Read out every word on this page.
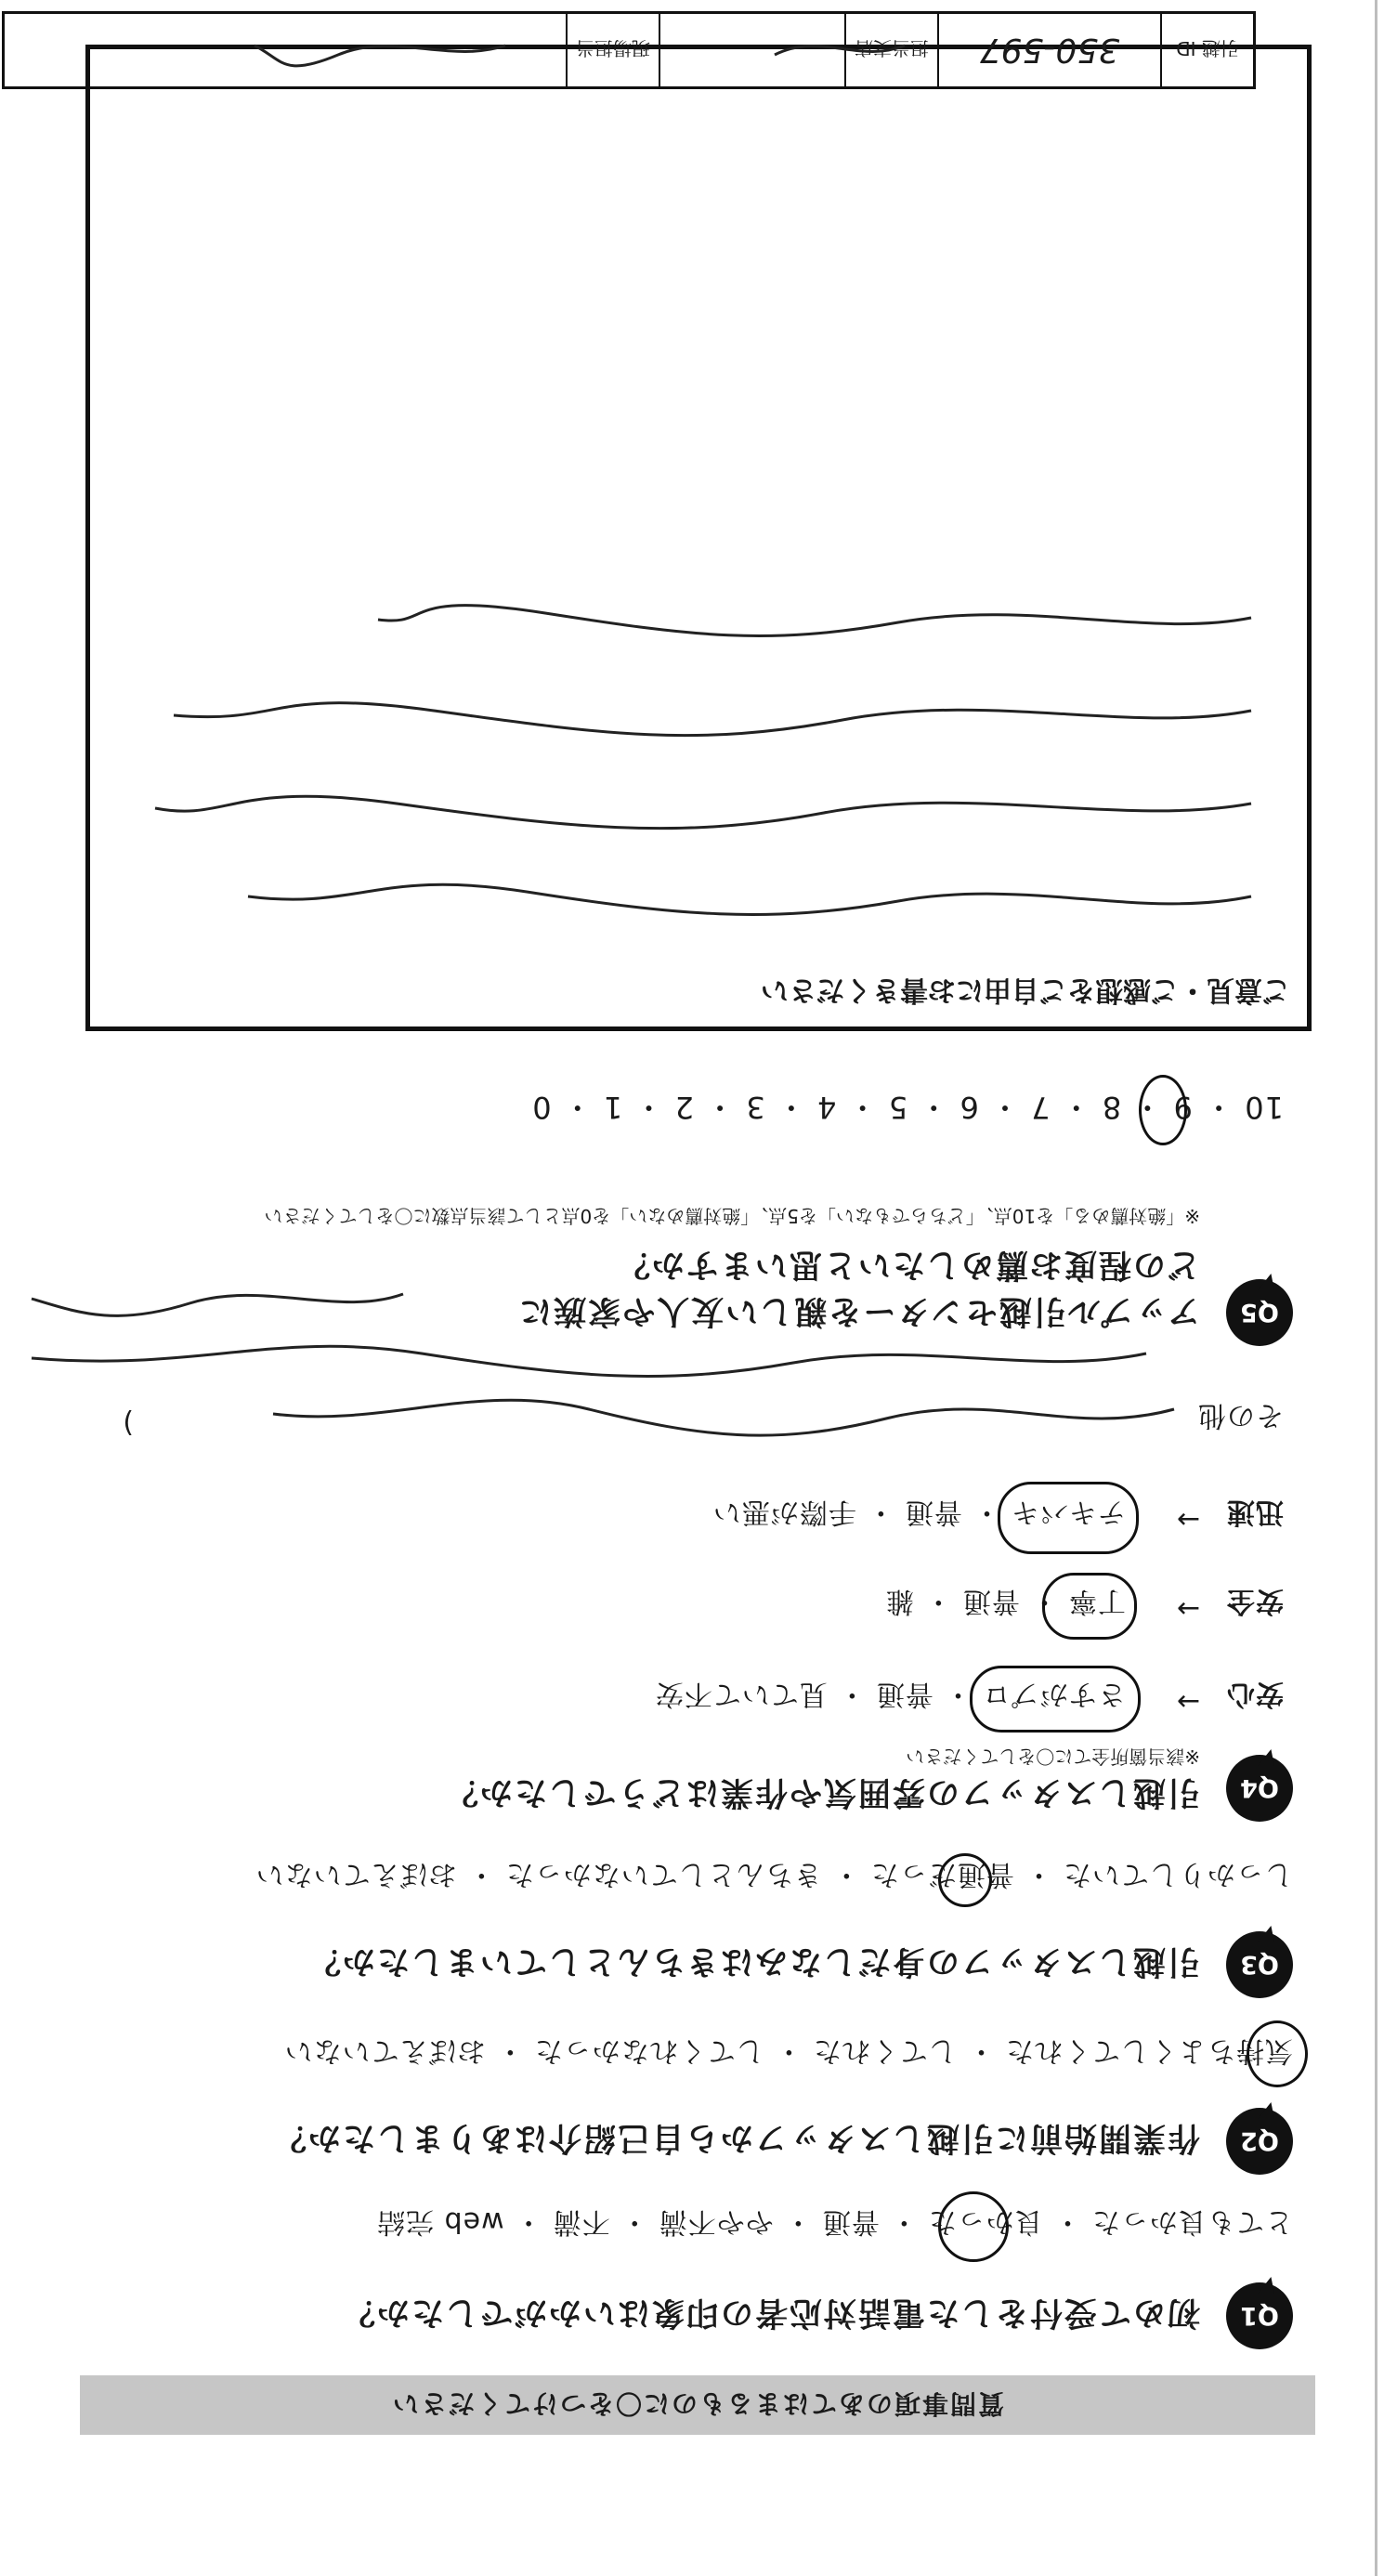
質問事項のあてはまるものに〇をつけてください
Q1
初めて受付をした電話対応者の印象はいかがでしたか？
とても良かった ・ 良かった ・ 普通 ・ やや不満 ・ 不満 ・ web 完結
Q2
作業開始前に引越しスタッフから自己紹介はありましたか？
気持ちよくしてくれた ・ してくれた ・ してくれなかった ・ おぼえていない
Q3
引越しスタッフの身だしなみはきちんとしていましたか？
しっかりしていた ・ 普通だった ・ きちんとしていなかった ・ おぼえていない
Q4
引越しスタッフの雰囲気や作業はどうでしたか？
※該当箇所全てに〇をしてください
安心
→
さすがプロ ・ 普通 ・ 見ていて不安
安全
→
丁寧 ・ 普通 ・ 雑
迅速
→
テキパキ ・ 普通 ・ 手際が悪い
その他
)
Q5
アップル引越センターを親しい友人や家族に
どの程度お薦めしたいと思いますか？
※「絶対薦める」を10点、「どちらでもない」を5点、「絶対薦めない」を0点として該当点数に〇をしてください
10 ・ 9 ・ 8 ・ 7 ・ 6 ・ 5 ・ 4 ・ 3 ・ 2 ・ 1 ・ 0
ご意見・ご感想をご自由にお書きください
引越 ID
350-597
担当支店
現場担当
